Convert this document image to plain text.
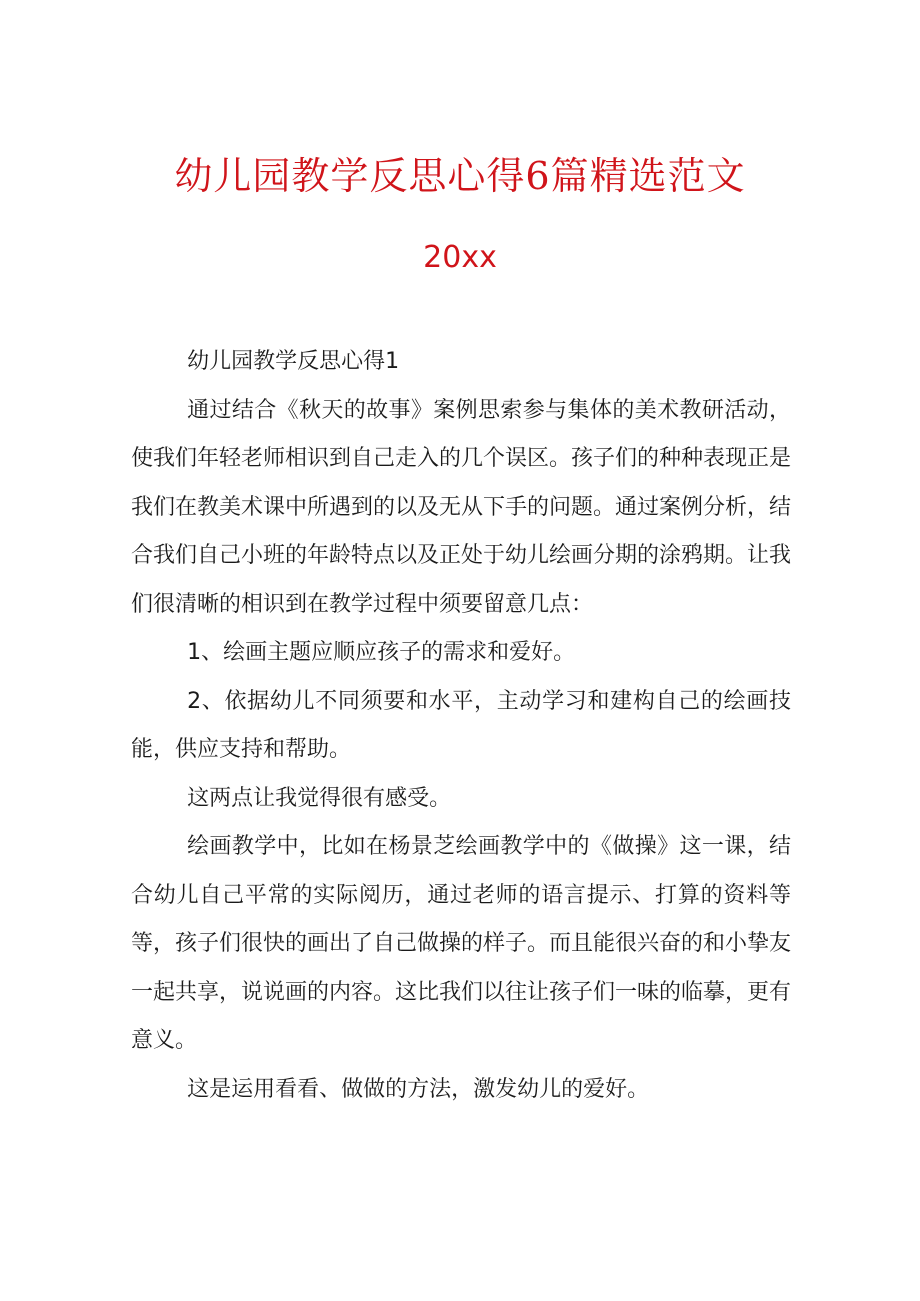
幼儿园教学反思心得6篇精选范文
20xx

幼儿园教学反思心得1

通过结合《秋天的故事》案例思索参与集体的美术教研活动，使我们年轻老师相识到自己走入的几个误区。孩子们的种种表现正是我们在教美术课中所遇到的以及无从下手的问题。通过案例分析，结合我们自己小班的年龄特点以及正处于幼儿绘画分期的涂鸦期。让我们很清晰的相识到在教学过程中须要留意几点：

1、绘画主题应顺应孩子的需求和爱好。

2、依据幼儿不同须要和水平，主动学习和建构自己的绘画技能，供应支持和帮助。

这两点让我觉得很有感受。

绘画教学中，比如在杨景芝绘画教学中的《做操》这一课，结合幼儿自己平常的实际阅历，通过老师的语言提示、打算的资料等等，孩子们很快的画出了自己做操的样子。而且能很兴奋的和小挚友一起共享，说说画的内容。这比我们以往让孩子们一味的临摹，更有意义。

这是运用看看、做做的方法，激发幼儿的爱好。
